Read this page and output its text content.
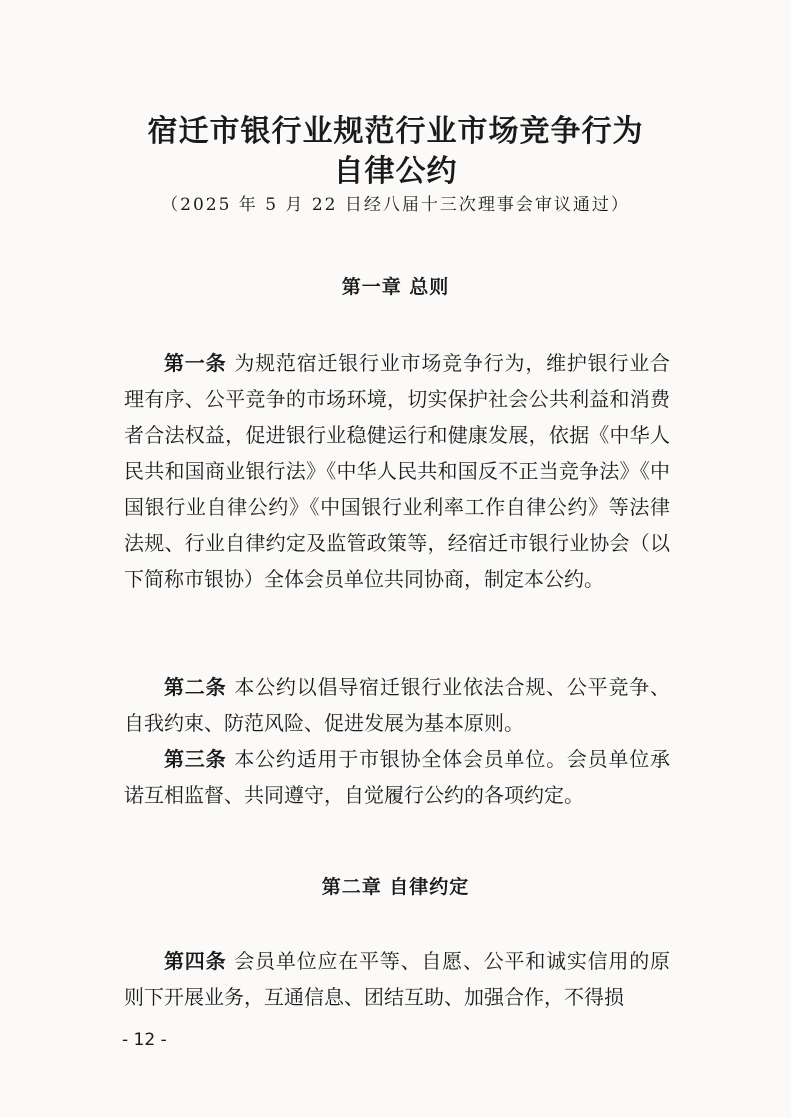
宿迁市银行业规范行业市场竞争行为
自律公约
（2025 年 5 月 22 日经八届十三次理事会审议通过）
第一章 总则

第一条 为规范宿迁银行业市场竞争行为，维护银行业合理有序、公平竞争的市场环境，切实保护社会公共利益和消费者合法权益，促进银行业稳健运行和健康发展，依据《中华人民共和国商业银行法》《中华人民共和国反不正当竞争法》《中国银行业自律公约》《中国银行业利率工作自律公约》等法律法规、行业自律约定及监管政策等，经宿迁市银行业协会（以下简称市银协）全体会员单位共同协商，制定本公约。

第二条 本公约以倡导宿迁银行业依法合规、公平竞争、自我约束、防范风险、促进发展为基本原则。

第三条 本公约适用于市银协全体会员单位。会员单位承诺互相监督、共同遵守，自觉履行公约的各项约定。

第二章 自律约定

第四条 会员单位应在平等、自愿、公平和诚实信用的原则下开展业务，互通信息、团结互助、加强合作，不得损

- 12 -
